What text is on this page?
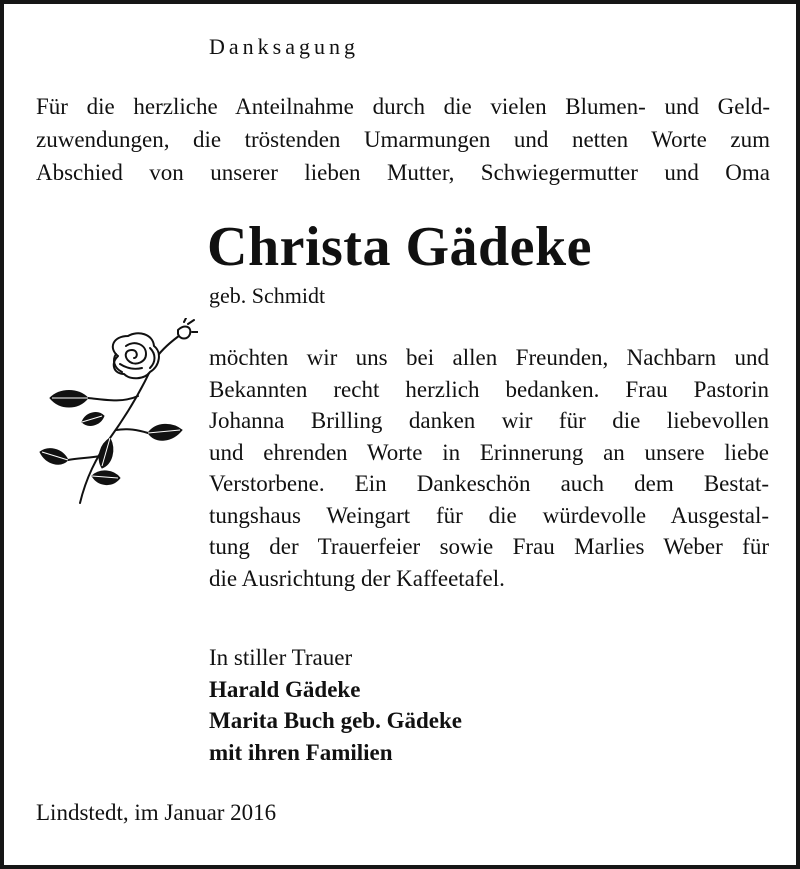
Danksagung
Für die herzliche Anteilnahme durch die vielen Blumen- und Geld-
zuwendungen, die tröstenden Umarmungen und netten Worte zum
Abschied von unserer lieben Mutter, Schwiegermutter und Oma
Christa Gädeke
geb. Schmidt
möchten wir uns bei allen Freunden, Nachbarn und
Bekannten recht herzlich bedanken. Frau Pastorin
Johanna Brilling danken wir für die liebevollen
und ehrenden Worte in Erinnerung an unsere liebe
Verstorbene. Ein Dankeschön auch dem Bestat-
tungshaus Weingart für die würdevolle Ausgestal-
tung der Trauerfeier sowie Frau Marlies Weber für
die Ausrichtung der Kaffeetafel.
In stiller Trauer
Harald Gädeke
Marita Buch geb. Gädeke
mit ihren Familien
Lindstedt, im Januar 2016
